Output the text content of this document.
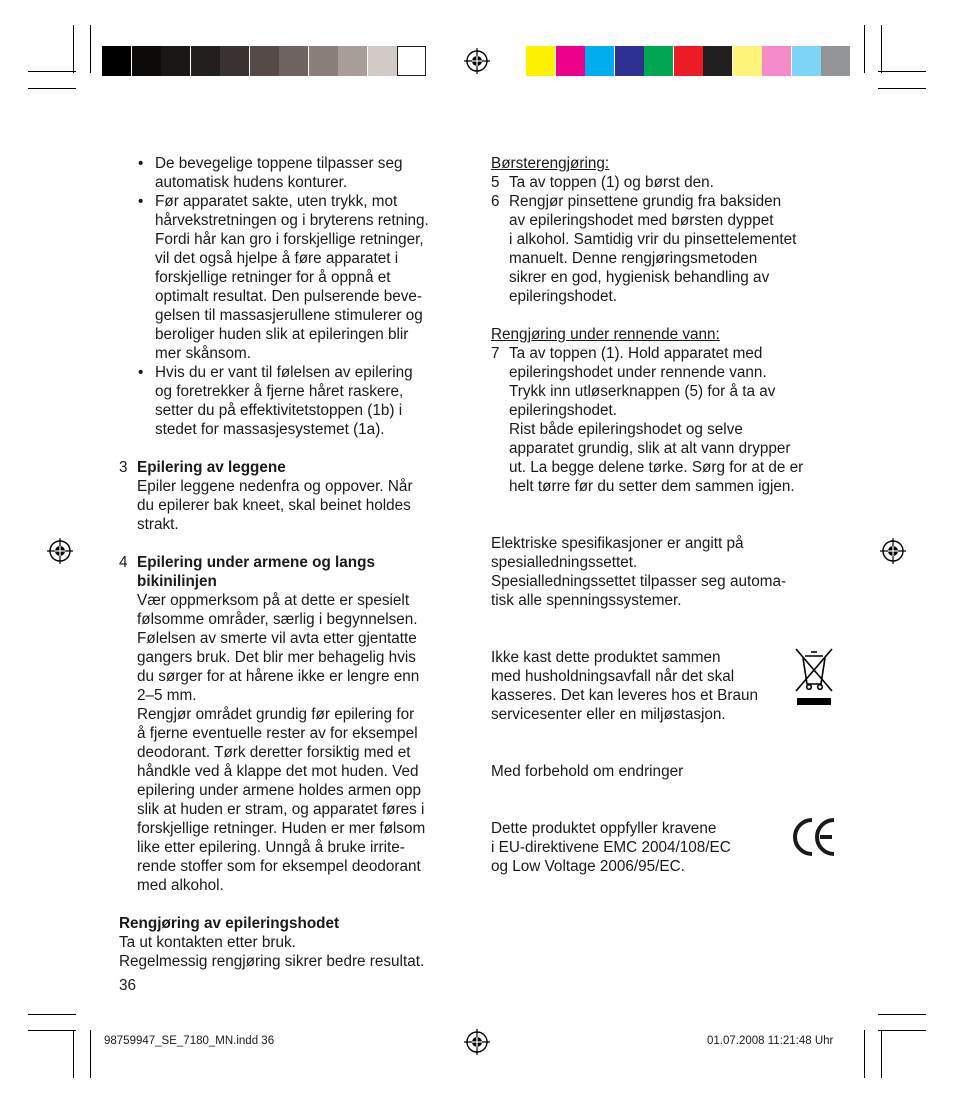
• De bevegelige toppene tilpasser seg
automatisk hudens konturer.
• Før apparatet sakte, uten trykk, mot
hårvekstretningen og i bryterens retning.
Fordi hår kan gro i forskjellige retninger,
vil det også hjelpe å føre apparatet i
forskjellige retninger for å oppnå et
optimalt resultat. Den pulserende beve-
gelsen til massasjerullene stimulerer og
beroliger huden slik at epileringen blir
mer skånsom.
• Hvis du er vant til følelsen av epilering
og foretrekker å fjerne håret raskere,
setter du på effektivitetstoppen (1b) i
stedet for massasjesystemet (1a).
3 Epilering av leggene
Epiler leggene nedenfra og oppover. Når
du epilerer bak kneet, skal beinet holdes
strakt.
4 Epilering under armene og langs
bikinilinjen
Vær oppmerksom på at dette er spesielt
følsomme områder, særlig i begynnelsen.
Følelsen av smerte vil avta etter gjentatte
gangers bruk. Det blir mer behagelig hvis
du sørger for at hårene ikke er lengre enn
2–5 mm.
Rengjør området grundig før epilering for
å fjerne eventuelle rester av for eksempel
deodorant. Tørk deretter forsiktig med et
håndkle ved å klappe det mot huden. Ved
epilering under armene holdes armen opp
slik at huden er stram, og apparatet føres i
forskjellige retninger. Huden er mer følsom
like etter epilering. Unngå å bruke irrite-
rende stoffer som for eksempel deodorant
med alkohol.
Rengjøring av epileringshodet
Ta ut kontakten etter bruk.
Regelmessig rengjøring sikrer bedre resultat.
36
Børsterengjøring:
5 Ta av toppen (1) og børst den.
6 Rengjør pinsettene grundig fra baksiden
av epileringshodet med børsten dyppet
i alkohol. Samtidig vrir du pinsettelementet
manuelt. Denne rengjøringsmetoden
sikrer en god, hygienisk behandling av
epileringshodet.
Rengjøring under rennende vann:
7 Ta av toppen (1). Hold apparatet med
epileringshodet under rennende vann.
Trykk inn utløserknappen (5) for å ta av
epileringshodet.
Rist både epileringshodet og selve
apparatet grundig, slik at alt vann drypper
ut. La begge delene tørke. Sørg for at de er
helt tørre før du setter dem sammen igjen.
Elektriske spesifikasjoner er angitt på
spesialledningssettet.
Spesialledningssettet tilpasser seg automa-
tisk alle spenningssystemer.
Ikke kast dette produktet sammen
med husholdningsavfall når det skal
kasseres. Det kan leveres hos et Braun
servicesenter eller en miljøstasjon.
Med forbehold om endringer
Dette produktet oppfyller kravene
i EU-direktivene EMC 2004/108/EC
og Low Voltage 2006/95/EC.
98759947_SE_7180_MN.indd 36	01.07.2008 11:21:48 Uhr
